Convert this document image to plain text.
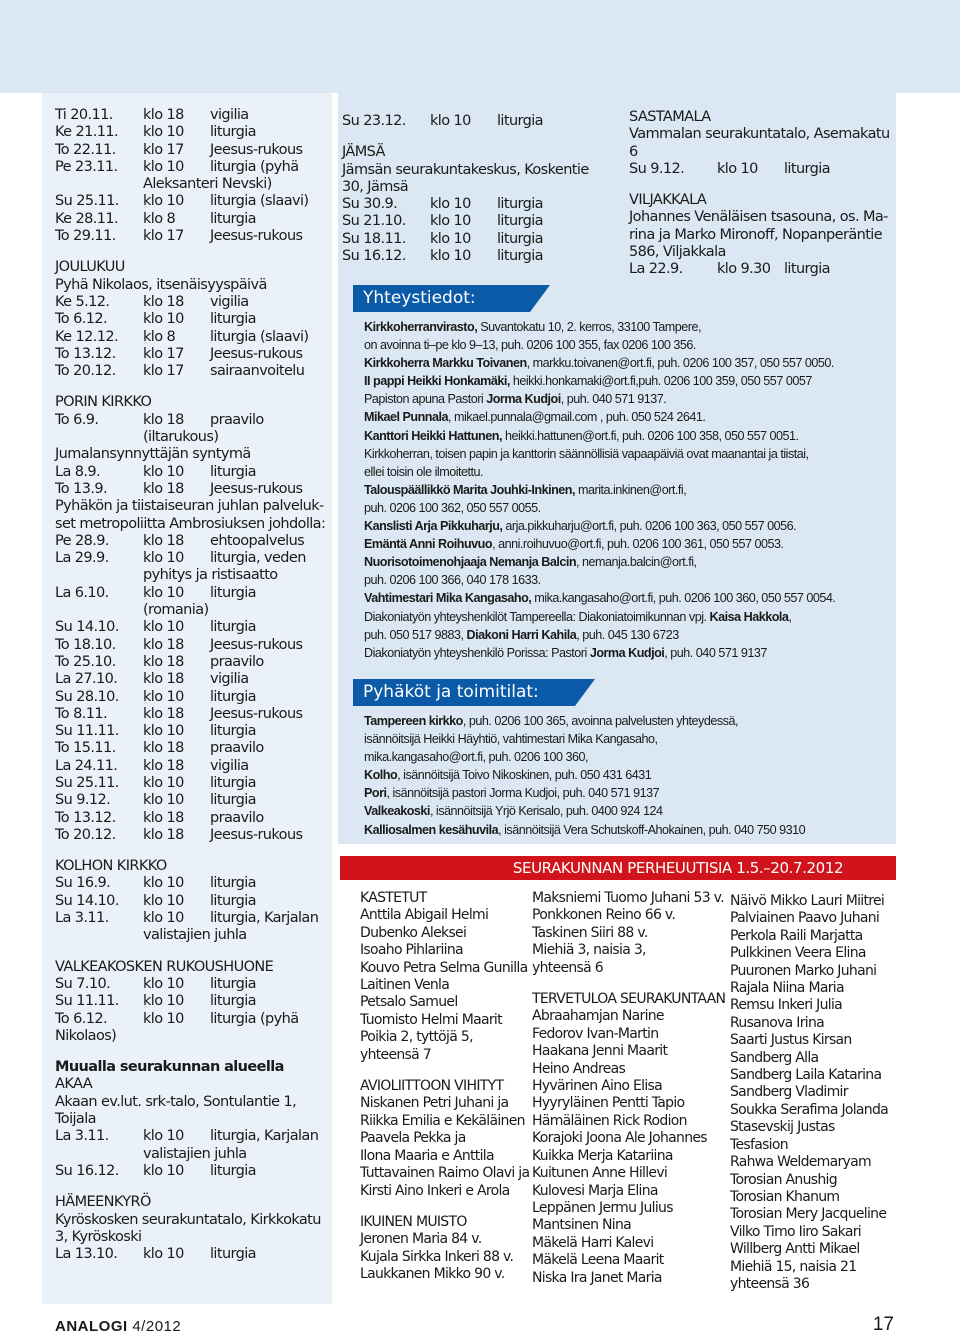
Ti 20.11.	klo 18	vigilia
Ke 21.11.	klo 10	liturgia
To 22.11.	klo 17	Jeesus-rukous
Pe 23.11.	klo 10	liturgia (pyhä
Aleksanteri Nevski)
Su 25.11.	klo 10	liturgia (slaavi)
Ke 28.11.	klo 8	liturgia
To 29.11.	klo 17	Jeesus-rukous
JOULUKUU
Pyhä Nikolaos, itsenäisyyspäivä
Ke 5.12.	klo 18	vigilia
To 6.12.	klo 10	liturgia
Ke 12.12.	klo 8	liturgia (slaavi)
To 13.12.	klo 17	Jeesus-rukous
To 20.12.	klo 17	sairaanvoitelu
PORIN KIRKKO
To 6.9.	klo 18	praavilo
(iltarukous)
Jumalansynnyttäjän syntymä
La 8.9.	klo 10	liturgia
To 13.9.	klo 18	Jeesus-rukous
Pyhäkön ja tiistaiseuran juhlan palveluk-set metropoliitta Ambrosiuksen johdolla:
Pe 28.9.	klo 18	ehtoopalvelus
La 29.9.	klo 10	liturgia, veden
pyhitys ja ristisaatto
La 6.10.	klo 10	liturgia
(romania)
Su 14.10.	klo 10	liturgia
To 18.10.	klo 18	Jeesus-rukous
To 25.10.	klo 18	praavilo
La 27.10.	klo 18	vigilia
Su 28.10.	klo 10	liturgia
To 8.11.	klo 18	Jeesus-rukous
Su 11.11.	klo 10	liturgia
To 15.11.	klo 18	praavilo
La 24.11.	klo 18	vigilia
Su 25.11.	klo 10	liturgia
Su 9.12.	klo 10	liturgia
To 13.12.	klo 18	praavilo
To 20.12.	klo 18	Jeesus-rukous
KOLHON KIRKKO
Su 16.9.	klo 10	liturgia
Su 14.10.	klo 10	liturgia
La 3.11.	klo 10	liturgia, Karjalan
valistajien juhla
VALKEAKOSKEN RUKOUSHUONE
Su 7.10.	klo 10	liturgia
Su 11.11.	klo 10	liturgia
To 6.12.	klo 10	liturgia (pyhä
Nikolaos)
Muualla seurakunnan alueella
AKAA
Akaan ev.lut. srk-talo, Sontulantie 1, Toijala
La 3.11.	klo 10	liturgia, Karjalan
valistajien juhla
Su 16.12.	klo 10	liturgia
HÄMEENKYRÖ
Kyröskosken seurakuntatalo, Kirkkokatu 3, Kyröskoski
La 13.10.	klo 10	liturgia
Su 23.12.	klo 10	liturgia
JÄMSÄ
Jämsän seurakuntakeskus, Koskentie 30, Jämsä
Su 30.9.	klo 10	liturgia
Su 21.10.	klo 10	liturgia
Su 18.11.	klo 10	liturgia
Su 16.12.	klo 10	liturgia
SASTAMALA
Vammalan seurakuntatalo, Asemakatu 6
Su 9.12.	klo 10	liturgia
VILJAKKALA
Johannes Venäläisen tsasouna, os. Ma-rina ja Marko Mironoff, Nopanperäntie 586, Viljakkala
La 22.9.	klo 9.30 liturgia
Yhteystiedot:
Kirkkoherranvirasto, Suvantokatu 10, 2. kerros, 33100 Tampere,
on avoinna ti–pe klo 9–13, puh. 0206 100 355, fax 0206 100 356.
Kirkkoherra Markku Toivanen, markku.toivanen@ort.fi, puh. 0206 100 357, 050 557 0050.
II pappi Heikki Honkamäki, heikki.honkamaki@ort.fi,puh. 0206 100 359, 050 557 0057
Papiston apuna Pastori Jorma Kudjoi, puh. 040 571 9137.
Mikael Punnala, mikael.punnala@gmail.com , puh. 050 524 2641.
Kanttori Heikki Hattunen, heikki.hattunen@ort.fi, puh. 0206 100 358, 050 557 0051.
Kirkkoherran, toisen papin ja kanttorin säännöllisiä vapaapäiviä ovat maanantai ja tiistai,
ellei toisin ole ilmoitettu.
Talouspäällikkö Marita Jouhki-Inkinen, marita.inkinen@ort.fi,
puh. 0206 100 362, 050 557 0055.
Kanslisti Arja Pikkuharju, arja.pikkuharju@ort.fi, puh. 0206 100 363, 050 557 0056.
Emäntä Anni Roihuvuo, anni.roihuvuo@ort.fi, puh. 0206 100 361, 050 557 0053.
Nuorisotoimenohjaaja Nemanja Balcin, nemanja.balcin@ort.fi,
puh. 0206 100 366, 040 178 1633.
Vahtimestari Mika Kangasaho, mika.kangasaho@ort.fi, puh. 0206 100 360, 050 557 0054.
Diakoniatyön yhteyshenkilöt Tampereella: Diakoniatoimikunnan vpj. Kaisa Hakkola,
puh. 050 517 9883, Diakoni Harri Kahila, puh. 045 130 6723
Diakoniatyön yhteyshenkilö Porissa: Pastori Jorma Kudjoi, puh. 040 571 9137
Pyhäköt ja toimitilat:
Tampereen kirkko, puh. 0206 100 365, avoinna palvelusten yhteydessä,
isännöitsijä Heikki Häyhtiö, vahtimestari Mika Kangasaho,
mika.kangasaho@ort.fi, puh. 0206 100 360,
Kolho, isännöitsijä Toivo Nikoskinen, puh. 050 431 6431
Pori, isännöitsijä pastori Jorma Kudjoi, puh. 040 571 9137
Valkeakoski, isännöitsijä Yrjö Kerisalo, puh. 0400 924 124
Kalliosalmen kesähuvila, isännöitsijä Vera Schutskoff-Ahokainen, puh. 040 750 9310
SEURAKUNNAN PERHEUUTISIA 1.5.–20.7.2012
KASTETUT
Anttila Abigail Helmi
Dubenko Aleksei
Isoaho Pihlariina
Kouvo Petra Selma Gunilla
Laitinen Venla
Petsalo Samuel
Tuomisto Helmi Maarit
Poikia 2, tyttöjä 5,
yhteensä 7
AVIOLIITTOON VIHITYT
Niskanen Petri Juhani ja
Riikka Emilia e Kekäläinen
Paavela Pekka ja
Ilona Maaria e Anttila
Tuttavainen Raimo Olavi ja
Kirsti Aino Inkeri e Arola
IKUINEN MUISTO
Jeronen Maria 84 v.
Kujala Sirkka Inkeri 88 v.
Laukkanen Mikko 90 v.
Maksniemi Tuomo Juhani 53 v.
Ponkkonen Reino 66 v.
Taskinen Siiri 88 v.
Miehiä 3, naisia 3,
yhteensä 6
TERVETULOA SEURAKUNTAAN
Abraahamjan Narine
Fedorov Ivan-Martin
Haakana Jenni Maarit
Heino Andreas
Hyvärinen Aino Elisa
Hyyryläinen Pentti Tapio
Hämäläinen Rick Rodion
Korajoki Joona Ale Johannes
Kuikka Merja Katariina
Kuitunen Anne Hillevi
Kulovesi Marja Elina
Leppänen Jermu Julius
Mantsinen Nina
Mäkelä Harri Kalevi
Mäkelä Leena Maarit
Niska Ira Janet Maria
Näivö Mikko Lauri Miitrei
Palviainen Paavo Juhani
Perkola Raili Marjatta
Pulkkinen Veera Elina
Puuronen Marko Juhani
Rajala Niina Maria
Remsu Inkeri Julia
Rusanova Irina
Saarti Justus Kirsan
Sandberg Alla
Sandberg Laila Katarina
Sandberg Vladimir
Soukka Serafima Jolanda
Stasevskij Justas
Tesfasion
Rahwa Weldemaryam
Torosian Anushig
Torosian Khanum
Torosian Mery Jacqueline
Vilko Timo Iiro Sakari
Willberg Antti Mikael
Miehiä 15, naisia 21
yhteensä 36
ANALOGI 4/2012	17
